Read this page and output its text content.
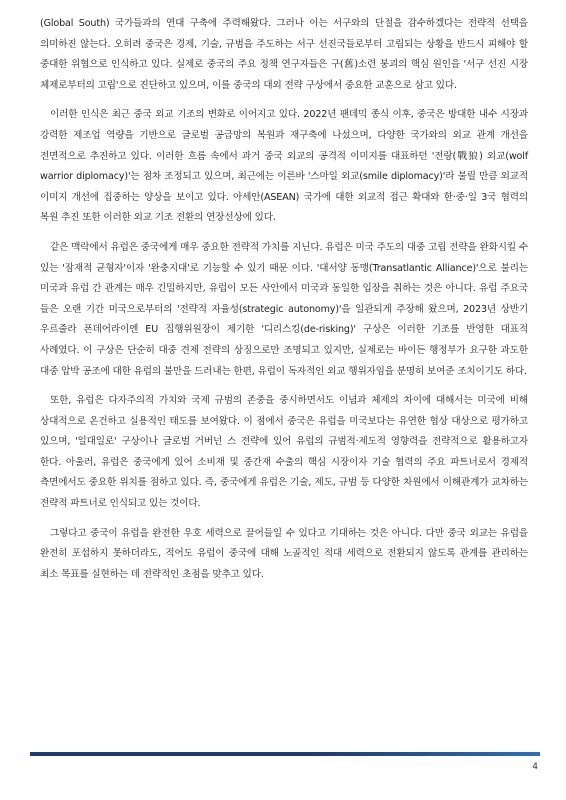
(Global South) 국가들과의 연대 구축에 주력해왔다. 그러나 이는 서구와의 단절을 감수하겠다는 전략적 선택을 의미하진 않는다. 오히려 중국은 경제, 기술, 규범을 주도하는 서구 선진국들로부터 고립되는 상황을 반드시 피해야 할 중대한 위협으로 인식하고 있다. 실제로 중국의 주요 정책 연구자들은 구(舊)소련 붕괴의 핵심 원인을 '서구 선진 시장 체제로부터의 고립'으로 진단하고 있으며, 이를 중국의 대외 전략 구상에서 중요한 교훈으로 삼고 있다.

이러한 인식은 최근 중국 외교 기조의 변화로 이어지고 있다. 2022년 팬데믹 종식 이후, 중국은 방대한 내수 시장과 강력한 제조업 역량을 기반으로 글로벌 공급망의 복원과 재구축에 나섰으며, 다양한 국가와의 외교 관계 개선을 전면적으로 추진하고 있다. 이러한 흐름 속에서 과거 중국 외교의 공격적 이미지를 대표하던 '전랑(戰狼) 외교(wolf warrior diplomacy)'는 점차 조정되고 있으며, 최근에는 이른바 '스마일 외교(smile diplomacy)'라 불릴 만큼 외교적 이미지 개선에 집중하는 양상을 보이고 있다. 아세안(ASEAN) 국가에 대한 외교적 접근 확대와 한·중·일 3국 협력의 복원 추진 또한 이러한 외교 기조 전환의 연장선상에 있다.

같은 맥락에서 유럽은 중국에게 매우 중요한 전략적 가치를 지닌다. 유럽은 미국 주도의 대중 고립 전략을 완화시킬 수 있는 '잠재적 균형자'이자 '완충지대'로 기능할 수 있기 때문 이다. '대서양 동맹(Transatlantic Alliance)'으로 불리는 미국과 유럽 간 관계는 매우 긴밀하지만, 유럽이 모든 사안에서 미국과 동일한 입장을 취하는 것은 아니다. 유럽 주요국 들은 오랜 기간 미국으로부터의 '전략적 자율성(strategic autonomy)'을 일관되게 주장해 왔으며, 2023년 상반기 우르줄라 폰데어라이엔 EU 집행위원장이 제기한 '디리스킹(de-risking)' 구상은 이러한 기조를 반영한 대표적 사례였다. 이 구상은 단순히 대중 견제 전략의 상징으로만 조명되고 있지만, 실제로는 바이든 행정부가 요구한 과도한 대중 압박 공조에 대한 유럽의 불만을 드러내는 한편, 유럽이 독자적인 외교 행위자임을 분명히 보여준 조치이기도 하다.

또한, 유럽은 다자주의적 가치와 국제 규범의 존중을 중시하면서도 이념과 체제의 차이에 대해서는 미국에 비해 상대적으로 온건하고 실용적인 태도를 보여왔다. 이 점에서 중국은 유럽을 미국보다는 유연한 협상 대상으로 평가하고 있으며, '일대일로' 구상이나 글로벌 거버넌 스 전략에 있어 유럽의 규범적·제도적 영향력을 전략적으로 활용하고자 한다. 아울러, 유럽은 중국에게 있어 소비재 및 중간재 수출의 핵심 시장이자 기술 협력의 주요 파트너로서 경제적 측면에서도 중요한 위치를 점하고 있다. 즉, 중국에게 유럽은 기술, 제도, 규범 등 다양한 차원에서 이해관계가 교차하는 전략적 파트너로 인식되고 있는 것이다.

그렇다고 중국이 유럽을 완전한 우호 세력으로 끌어들일 수 있다고 기대하는 것은 아니다. 다만 중국 외교는 유럽을 완전히 포섭하지 못하더라도, 적어도 유럽이 중국에 대해 노골적인 적대 세력으로 전환되지 않도록 관계를 관리하는 최소 목표를 실현하는 데 전략적인 초점을 맞추고 있다.

4
